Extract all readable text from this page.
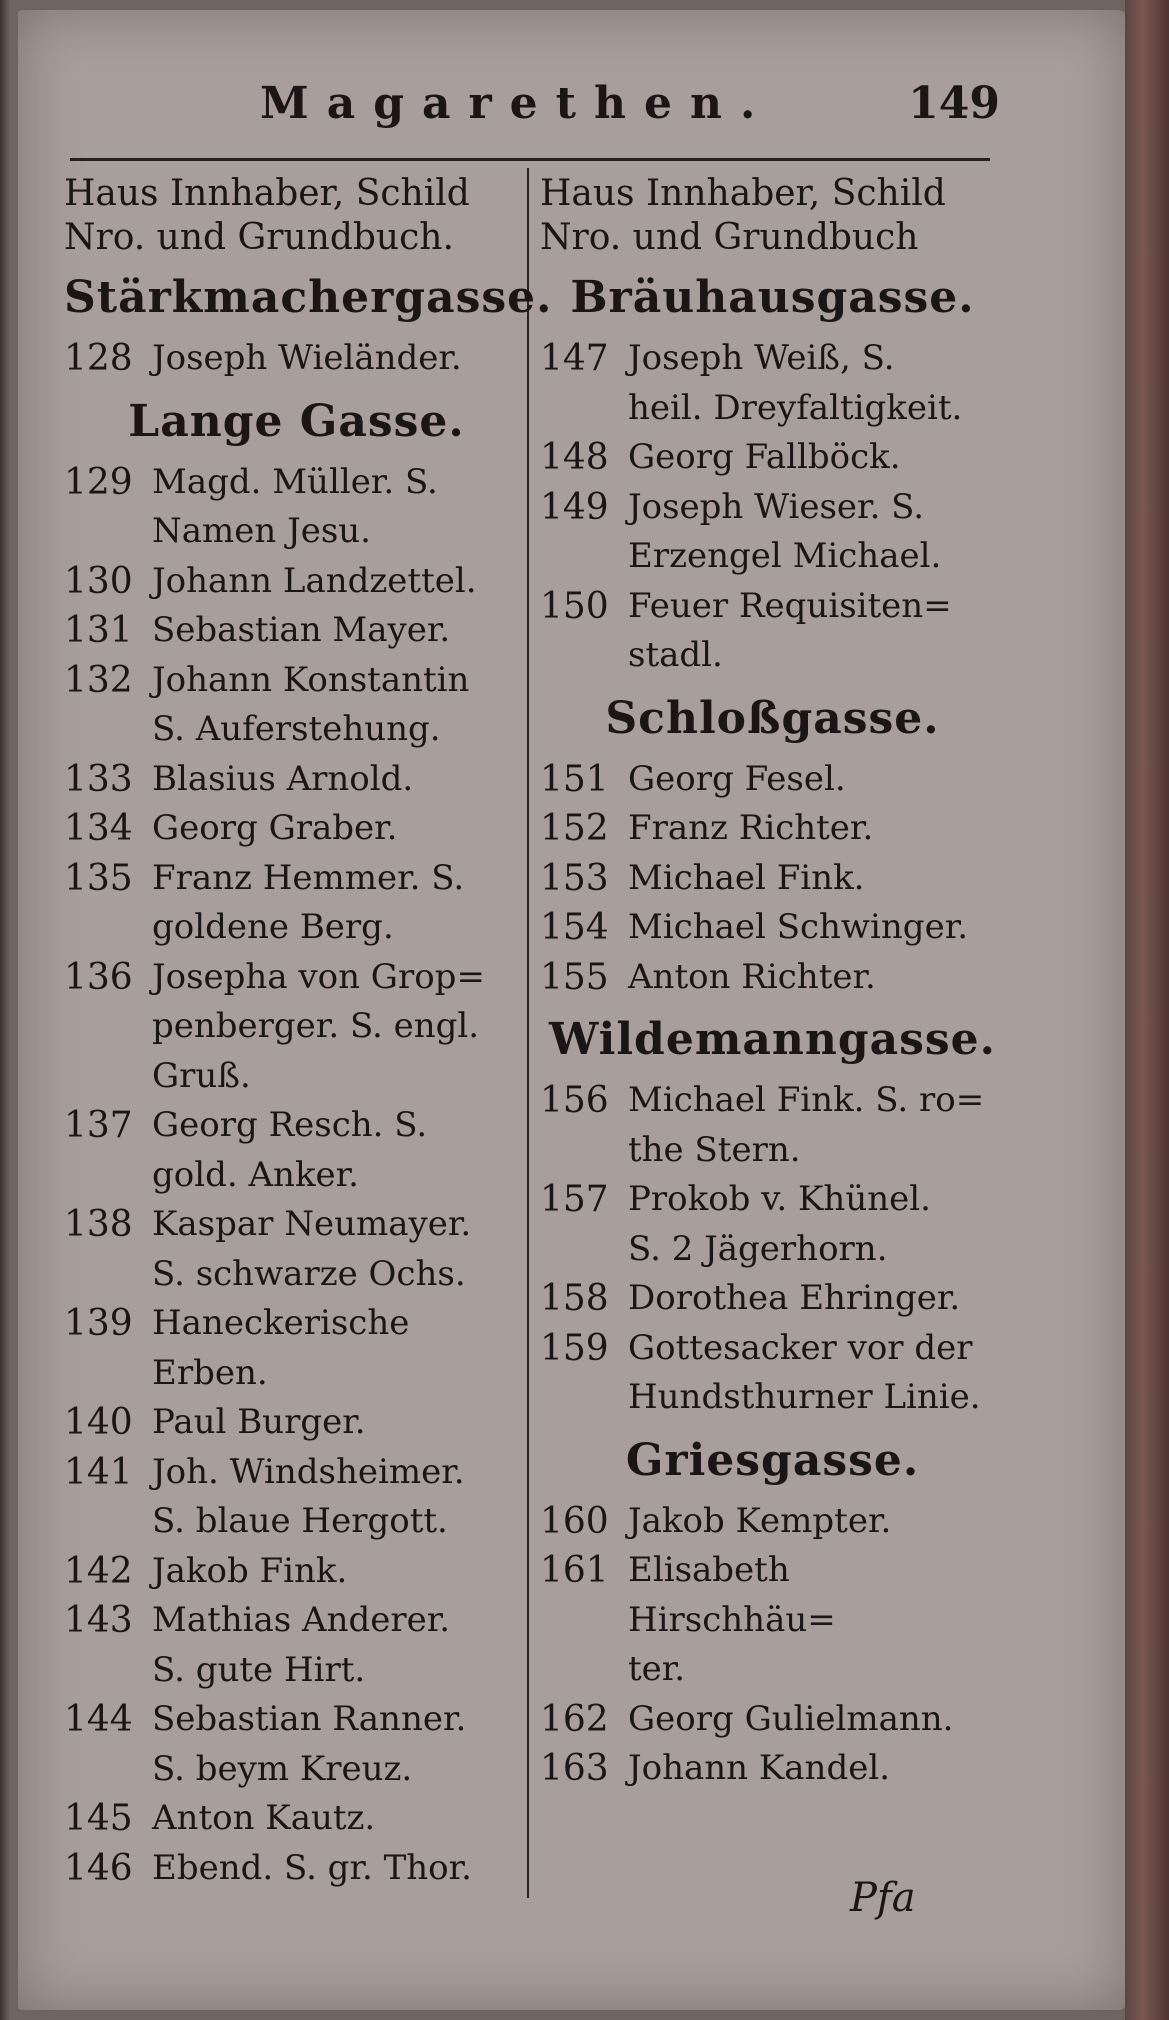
Magarethen.	149
Haus Innhaber, Schild
Nro. und Grundbuch.
Stärkmachergasse.
128 Joseph Wieländer.
Lange Gasse.
129 Magd. Müller. S.
Namen Jesu.
130 Johann Landzettel.
131 Sebastian Mayer.
132 Johann Konstantin
S. Auferstehung.
133 Blasius Arnold.
134 Georg Graber.
135 Franz Hemmer. S.
goldene Berg.
136 Josepha von Grop=
penberger. S. engl.
Gruß.
137 Georg Resch. S.
gold. Anker.
138 Kaspar Neumayer.
S. schwarze Ochs.
139 Haneckerische Erben.
140 Paul Burger.
141 Joh. Windsheimer.
S. blaue Hergott.
142 Jakob Fink.
143 Mathias Anderer.
S. gute Hirt.
144 Sebastian Ranner.
S. beym Kreuz.
145 Anton Kautz.
146 Ebend. S. gr. Thor.
Haus Innhaber, Schild
Nro. und Grundbuch
Bräuhausgasse.
147 Joseph Weiß, S.
heil. Dreyfaltigkeit.
148 Georg Fallböck.
149 Joseph Wieser. S.
Erzengel Michael.
150 Feuer Requisiten=
stadl.
Schloßgasse.
151 Georg Fesel.
152 Franz Richter.
153 Michael Fink.
154 Michael Schwinger.
155 Anton Richter.
Wildemanngasse.
156 Michael Fink. S. ro=
the Stern.
157 Prokob v. Khünel.
S. 2 Jägerhorn.
158 Dorothea Ehringer.
159 Gottesacker vor der
Hundsthurner Linie.
Griesgasse.
160 Jakob Kempter.
161 Elisabeth Hirschhäu=
ter.
162 Georg Gulielmann.
163 Johann Kandel.
Pfa
